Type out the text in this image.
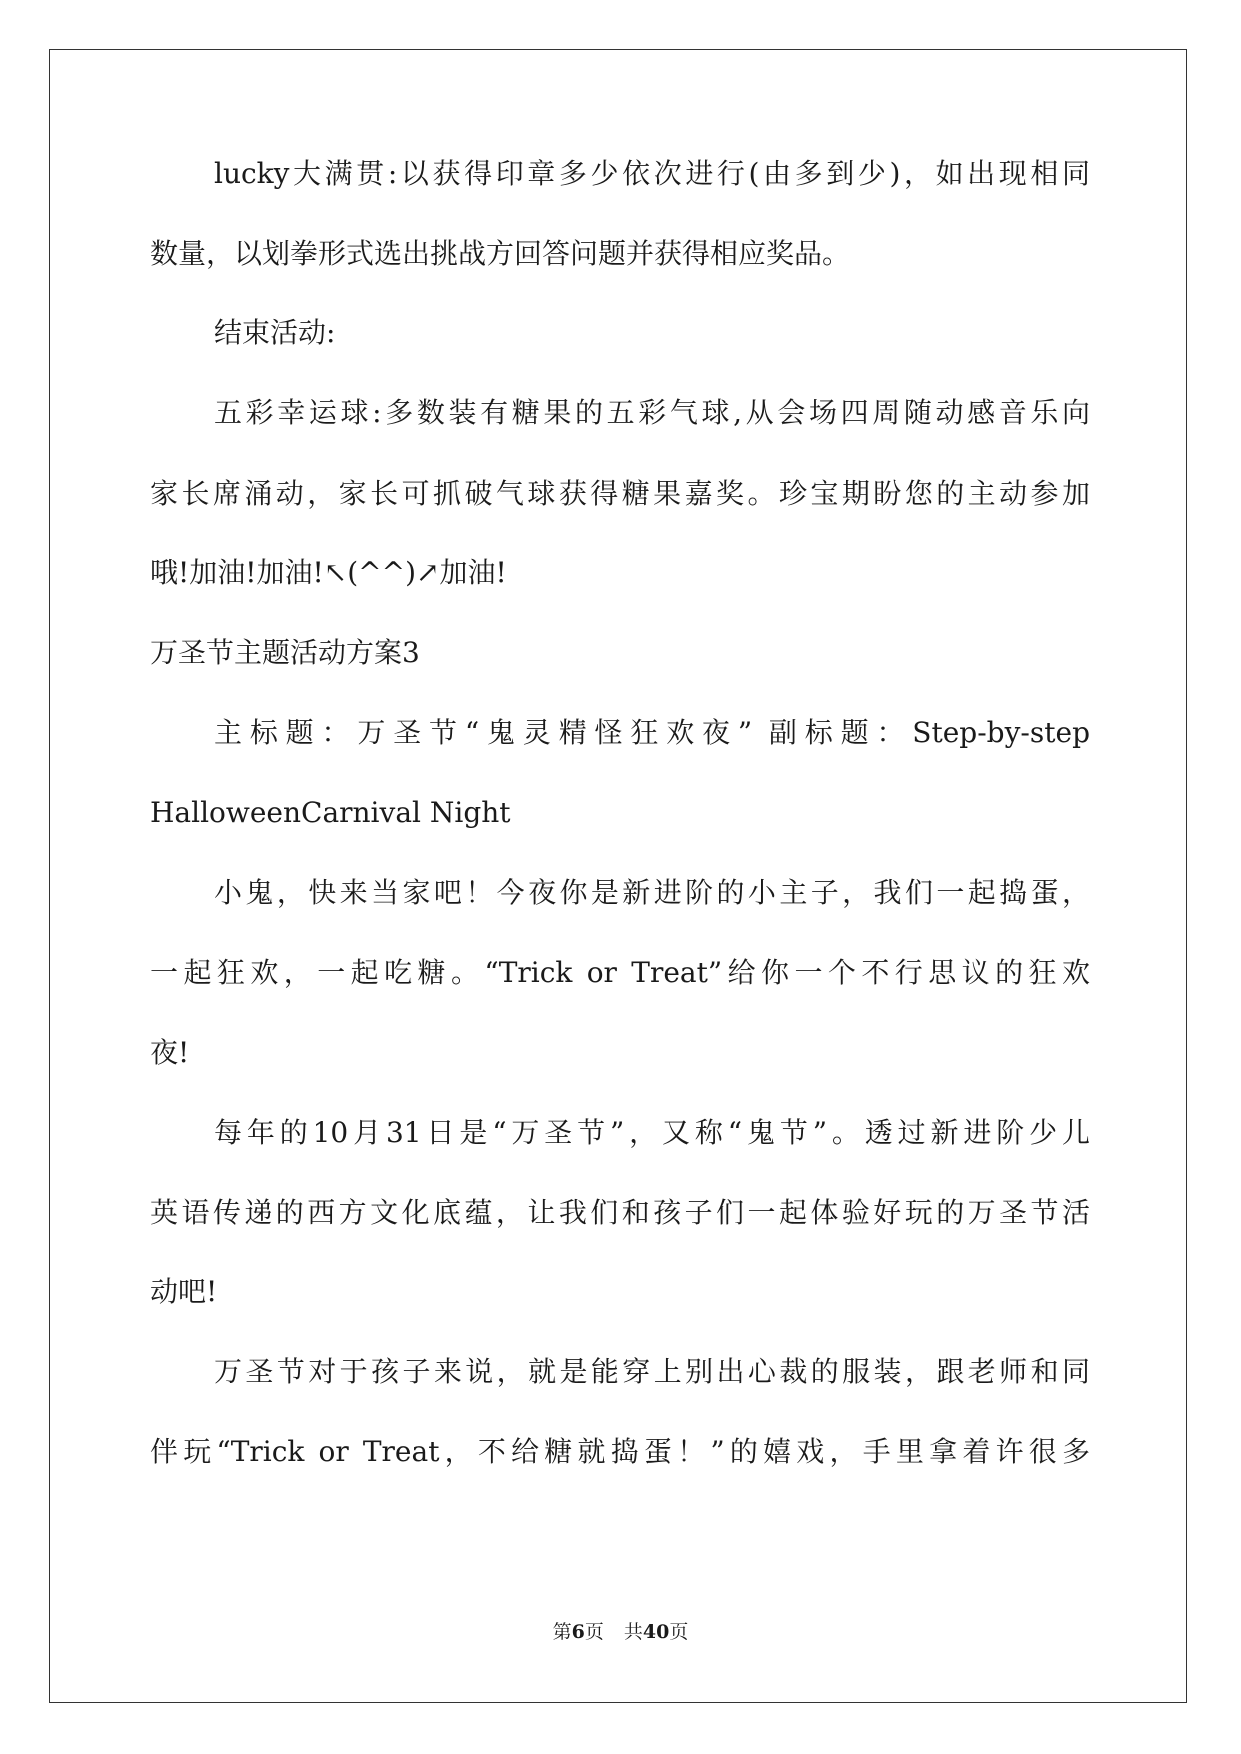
lucky大满贯:以获得印章多少依次进行(由多到少)，如出现相同
数量，以划拳形式选出挑战方回答问题并获得相应奖品。
结束活动:
五彩幸运球:多数装有糖果的五彩气球,从会场四周随动感音乐向
家长席涌动，家长可抓破气球获得糖果嘉奖。珍宝期盼您的主动参加
哦!加油!加油!↖(^^)↗加油!
万圣节主题活动方案3
主标题：万圣节“鬼灵精怪狂欢夜” 副标题：Step-by-step
HalloweenCarnival Night
小鬼，快来当家吧！今夜你是新进阶的小主子，我们一起捣蛋，
一起狂欢，一起吃糖。“Trick or Treat”给你一个不行思议的狂欢
夜!
每年的10月31日是“万圣节”，又称“鬼节”。透过新进阶少儿
英语传递的西方文化底蕴，让我们和孩子们一起体验好玩的万圣节活
动吧!
万圣节对于孩子来说，就是能穿上别出心裁的服装，跟老师和同
伴玩“Trick or Treat，不给糖就捣蛋！”的嬉戏，手里拿着许很多
第6页 共40页
